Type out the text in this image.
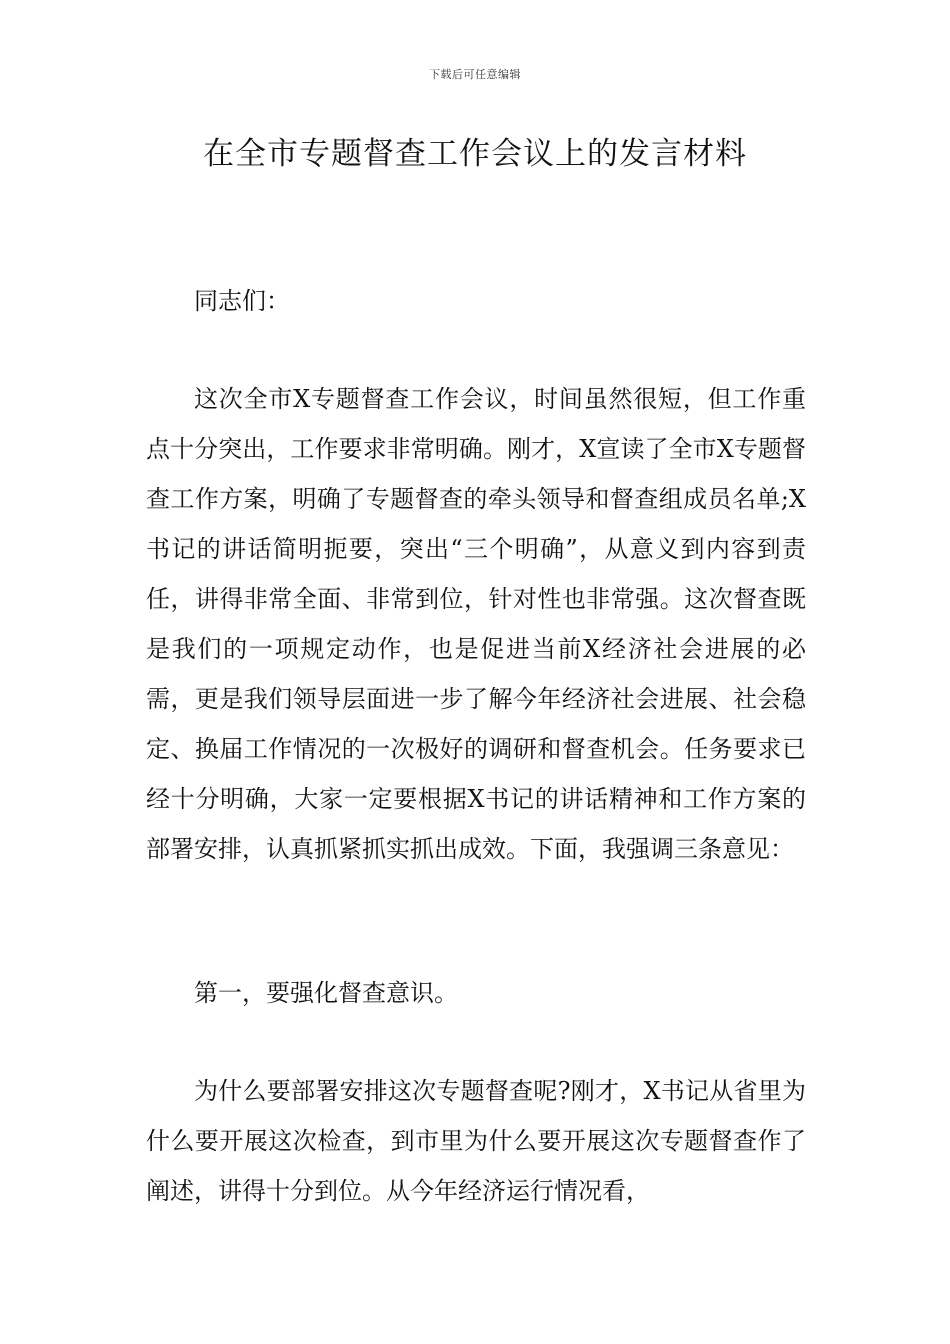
下载后可任意编辑
在全市专题督查工作会议上的发言材料

同志们：

这次全市X专题督查工作会议，时间虽然很短，但工作重点十分突出，工作要求非常明确。刚才，X宣读了全市X专题督查工作方案，明确了专题督查的牵头领导和督查组成员名单;X书记的讲话简明扼要，突出“三个明确”，从意义到内容到责任，讲得非常全面、非常到位，针对性也非常强。这次督查既是我们的一项规定动作，也是促进当前X经济社会进展的必需，更是我们领导层面进一步了解今年经济社会进展、社会稳定、换届工作情况的一次极好的调研和督查机会。任务要求已经十分明确，大家一定要根据X书记的讲话精神和工作方案的部署安排，认真抓紧抓实抓出成效。下面，我强调三条意见：

第一，要强化督查意识。

为什么要部署安排这次专题督查呢?刚才，X书记从省里为什么要开展这次检查，到市里为什么要开展这次专题督查作了阐述，讲得十分到位。从今年经济运行情况看，
